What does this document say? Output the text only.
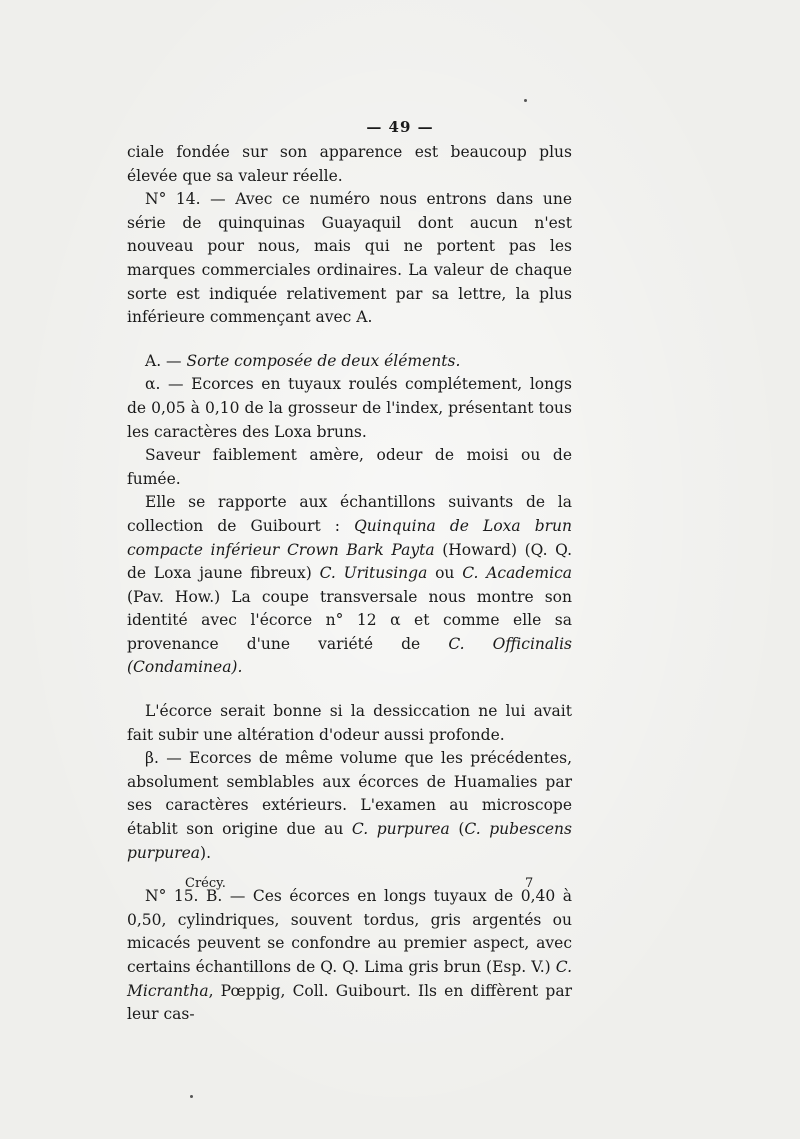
— 49 —

ciale fondée sur son apparence est beaucoup plus élevée que sa valeur réelle.

N° 14. — Avec ce numéro nous entrons dans une série de quinquinas Guayaquil dont aucun n'est nouveau pour nous, mais qui ne portent pas les marques commerciales ordinaires. La valeur de chaque sorte est indiquée relativement par sa lettre, la plus inférieure commençant avec A.

A. — Sorte composée de deux éléments.

α. — Ecorces en tuyaux roulés complétement, longs de 0,05 à 0,10 de la grosseur de l'index, présentant tous les caractères des Loxa bruns.

Saveur faiblement amère, odeur de moisi ou de fumée.

Elle se rapporte aux échantillons suivants de la collection de Guibourt : Quinquina de Loxa brun compacte inférieur Crown Bark Payta (Howard) (Q. Q. de Loxa jaune fibreux) C. Uritusinga ou C. Academica (Pav. How.) La coupe transversale nous montre son identité avec l'écorce n° 12 α et comme elle sa provenance d'une variété de C. Officinalis (Condaminea).

L'écorce serait bonne si la dessiccation ne lui avait fait subir une altération d'odeur aussi profonde.

β. — Ecorces de même volume que les précédentes, absolument semblables aux écorces de Huamalies par ses caractères extérieurs. L'examen au microscope établit son origine due au C. purpurea (C. pubescens purpurea).

N° 15. B. — Ces écorces en longs tuyaux de 0,40 à 0,50, cylindriques, souvent tordus, gris argentés ou micacés peuvent se confondre au premier aspect, avec certains échantillons de Q. Q. Lima gris brun (Esp. V.) C. Micrantha, Pœppig, Coll. Guibourt. Ils en diffèrent par leur cas-

Crécy.	7
